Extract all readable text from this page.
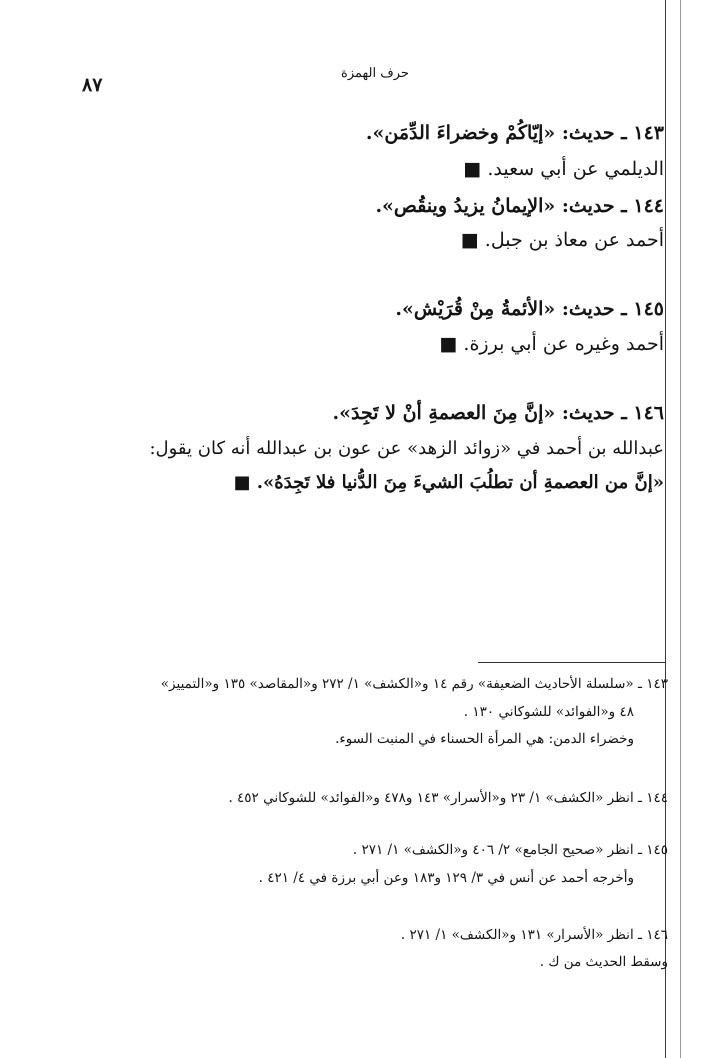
حرف الهمزة
٨٧
١٤٣ ـ حديث: «إيّاكُمْ وخضراءَ الدِّمَن».
الديلمي عن أبي سعيد. ■
١٤٤ ـ حديث: «الإيمانُ يزيدُ وينقُص».
أحمد عن معاذ بن جبل. ■
١٤٥ ـ حديث: «الأئمةُ مِنْ قُرَيْش».
أحمد وغيره عن أبي برزة. ■
١٤٦ ـ حديث: «إنَّ مِنَ العصمةِ أنْ لا تَجِدَ».
عبدالله بن أحمد في «زوائد الزهد» عن عون بن عبدالله أنه كان يقول:
«إنَّ من العصمةِ أن تطلُبَ الشيءَ مِنَ الدُّنيا فلا تَجِدَهُ». ■
١٤٣ ـ «سلسلة الأحاديث الضعيفة» رقم ١٤ و«الكشف» ١/ ٢٧٢ و«المقاصد» ١٣٥ و«التمييز»
٤٨ و«الفوائد» للشوكاني ١٣٠ .
وخضراء الدمن: هي المرأة الحسناء في المنبت السوء.
١٤٤ ـ انظر «الكشف» ١/ ٢٣ و«الأسرار» ١٤٣ و٤٧٨ و«الفوائد» للشوكاني ٤٥٢ .
١٤٥ ـ انظر «صحيح الجامع» ٢/ ٤٠٦ و«الكشف» ١/ ٢٧١ .
وأخرجه أحمد عن أنس في ٣/ ١٢٩ و١٨٣ وعن أبي برزة في ٤/ ٤٢١ .
١٤٦ ـ انظر «الأسرار» ١٣١ و«الكشف» ١/ ٢٧١ .
وسقط الحديث من ك .
